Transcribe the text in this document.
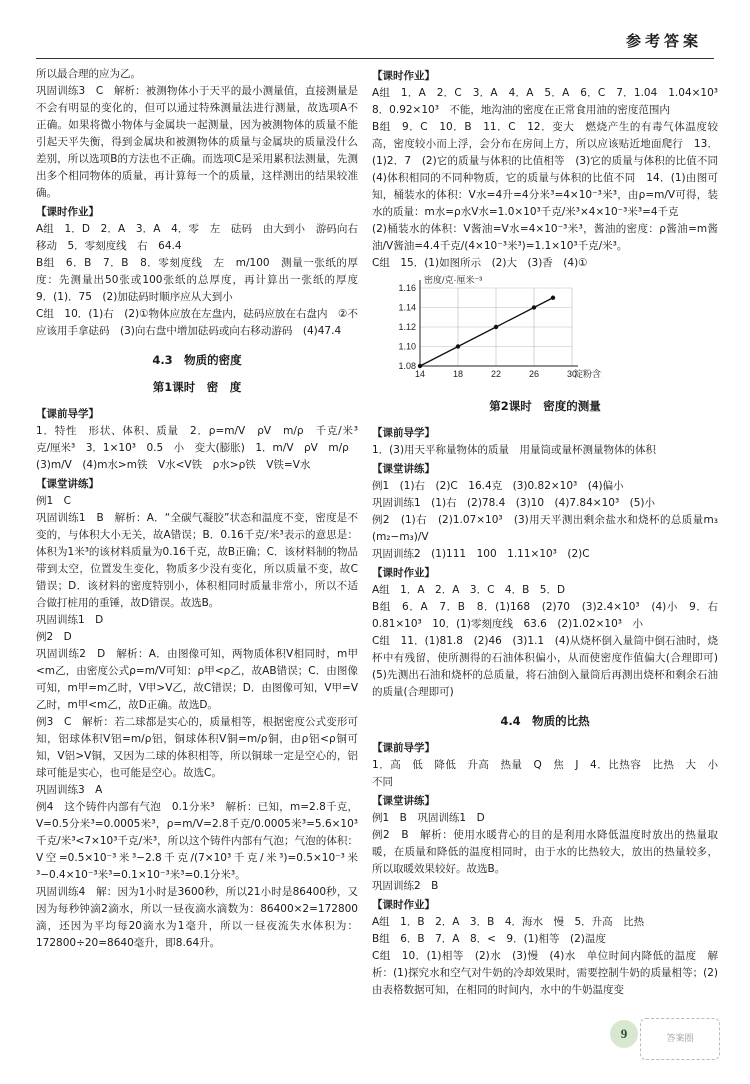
参考答案

所以最合理的应为乙。

巩固训练3　C　解析：被测物体小于天平的最小测量值，直接测量是不会有明显的变化的，但可以通过特殊测量法进行测量，故选项A不正确。如果将微小物体与金属块一起测量，因为被测物体的质量不能引起天平失衡，得到金属块和被测物体的质量与金属块的质量没什么差别，所以选项B的方法也不正确。而选项C是采用累积法测量，先测出多个相同物体的质量，再计算每一个的质量，这样测出的结果较准确。

【课时作业】

A组　1．D　2．A　3．A　4．零　左　砝码　由大到小　游码向右移动　5．零刻度线　右　64.4

B组　6．B　7．B　8．零刻度线　左　m/100　测量一张纸的厚度：先测量出50张或100张纸的总厚度，再计算出一张纸的厚度　9．(1)．75　(2)加砝码时顺序应从大到小

C组　10．(1)右　(2)①物体应放在左盘内，砝码应放在右盘内　②不应该用手拿砝码　(3)向右盘中增加砝码或向右移动游码　(4)47.4

4.3　物质的密度

第1课时　密　度

【课前导学】

1．特性　形状、体积、质量　2．ρ=m/V　ρV　m/ρ　千克/米³　克/厘米³　3．1×10³　0.5　小　变大(膨胀)　1．m/V　ρV　m/ρ

(3)m/V　(4)m水>m铁　V水<V铁　ρ水>ρ铁　V铁=V水

【课堂讲练】

例1　C

巩固训练1　B　解析：A．“全碳气凝胶”状态和温度不变，密度是不变的，与体积大小无关，故A错误；B．0.16千克/米³表示的意思是：体积为1米³的该材料质量为0.16千克，故B正确；C．该材料制的物品带到太空，位置发生变化，物质多少没有变化，所以质量不变，故C错误；D．该材料的密度特别小，体积相同时质量非常小，所以不适合做打桩用的重锤，故D错误。故选B。

巩固训练1　D

例2　D

巩固训练2　D　解析：A．由图像可知，两物质体积V相同时，m甲<m乙，由密度公式ρ=m/V可知：ρ甲<ρ乙，故AB错误；C．由图像可知，m甲=m乙时，V甲>V乙，故C错误；D．由图像可知，V甲=V乙时，m甲<m乙，故D正确。故选D。

例3　C　解析：若二球都是实心的，质量相等，根据密度公式变形可知，铝球体积V铝=m/ρ铝，铜球体积V铜=m/ρ铜，由ρ铝<ρ铜可知，V铝>V铜，又因为二球的体积相等，所以铜球一定是空心的，铝球可能是实心，也可能是空心。故选C。

巩固训练3　A

例4　这个铸件内部有气泡　0.1分米³　解析：已知，m=2.8千克，V=0.5分米³=0.0005米³，ρ=m/V=2.8千克/0.0005米³=5.6×10³千克/米³<7×10³千克/米³，所以这个铸件内部有气泡；气泡的体积：V空=0.5×10⁻³米³−2.8千克/(7×10³千克/米³)=0.5×10⁻³米³−0.4×10⁻³米³=0.1×10⁻³米³=0.1分米³。

巩固训练4　解：因为1小时是3600秒，所以21小时是86400秒，又因为每秒钟滴2滴水，所以一昼夜滴水滴数为：86400×2=172800滴，还因为平均每20滴水为1毫升，所以一昼夜流失水体积为：172800÷20=8640毫升，即8.64升。

【课时作业】

A组　1．A　2．C　3．A　4．A　5．A　6．C　7．1.04　1.04×10³　8．0.92×10³　不能，地沟油的密度在正常食用油的密度范围内

B组　9．C　10．B　11．C　12．变大　燃烧产生的有毒气体温度较高，密度较小而上浮，会分布在房间上方，所以应该贴近地面爬行　13．(1)2．7　(2)它的质量与体积的比值相等　(3)它的质量与体积的比值不同　(4)体积相同的不同种物质，它的质量与体积的比值不同　14．(1)由图可知，桶装水的体积：V水=4升=4分米³=4×10⁻³米³，由ρ=m/V可得，装水的质量：m水=ρ水V水=1.0×10³千克/米³×4×10⁻³米³=4千克

(2)桶装水的体积：V酱油=V水=4×10⁻³米³，酱油的密度：ρ酱油=m酱油/V酱油=4.4千克/(4×10⁻³米³)=1.1×10³千克/米³。

C组　15．(1)如图所示　(2)大　(3)香　(4)①

1.08
1.10
1.12
1.14
1.16
14	18	22	26	30
密度/克·厘米⁻³
淀粉含

第2课时　密度的测量

【课前导学】

1．(3)用天平称量物体的质量　用量筒或量杯测量物体的体积

【课堂讲练】

例1　(1)右　(2)C　16.4克　(3)0.82×10³　(4)偏小

巩固训练1　(1)右　(2)78.4　(3)10　(4)7.84×10³　(5)小

例2　(1)右　(2)1.07×10³　(3)用天平测出剩余盐水和烧杯的总质量m₃　(m₂−m₃)/V

巩固训练2　(1)111　100　1.11×10³　(2)C

【课时作业】

A组　1．A　2．A　3．C　4．B　5．D

B组　6．A　7．B　8．(1)168　(2)70　(3)2.4×10³　(4)小　9．右　0.81×10³　10．(1)零刻度线　63.6　(2)1.02×10³　小

C组　11．(1)81.8　(2)46　(3)1.1　(4)从烧杯倒入量筒中倒石油时，烧杯中有残留，使所测得的石油体积偏小，从而使密度作值偏大(合理即可)　(5)先测出石油和烧杯的总质量，将石油倒入量筒后再测出烧杯和剩余石油的质量(合理即可)

4.4　物质的比热

【课前导学】

1．高　低　降低　升高　热量　Q　焦　J　4．比热容　比热　大　小　不同

【课堂讲练】

例1　B　巩固训练1　D

例2　B　解析：使用水暖背心的目的是利用水降低温度时放出的热量取暖，在质量和降低的温度相同时，由于水的比热较大，放出的热量较多，所以取暖效果较好。故选B。

巩固训练2　B

【课时作业】

A组　1．B　2．A　3．B　4．海水　慢　5．升高　比热

B组　6．B　7．A　8．<　9．(1)相等　(2)温度

C组　10．(1)相等　(2)水　(3)慢　(4)水　单位时间内降低的温度　解析：(1)探究水和空气对牛奶的冷却效果时，需要控制牛奶的质量相等；(2)由表格数据可知，在相同的时间内，水中的牛奶温度变

9	答案圈
